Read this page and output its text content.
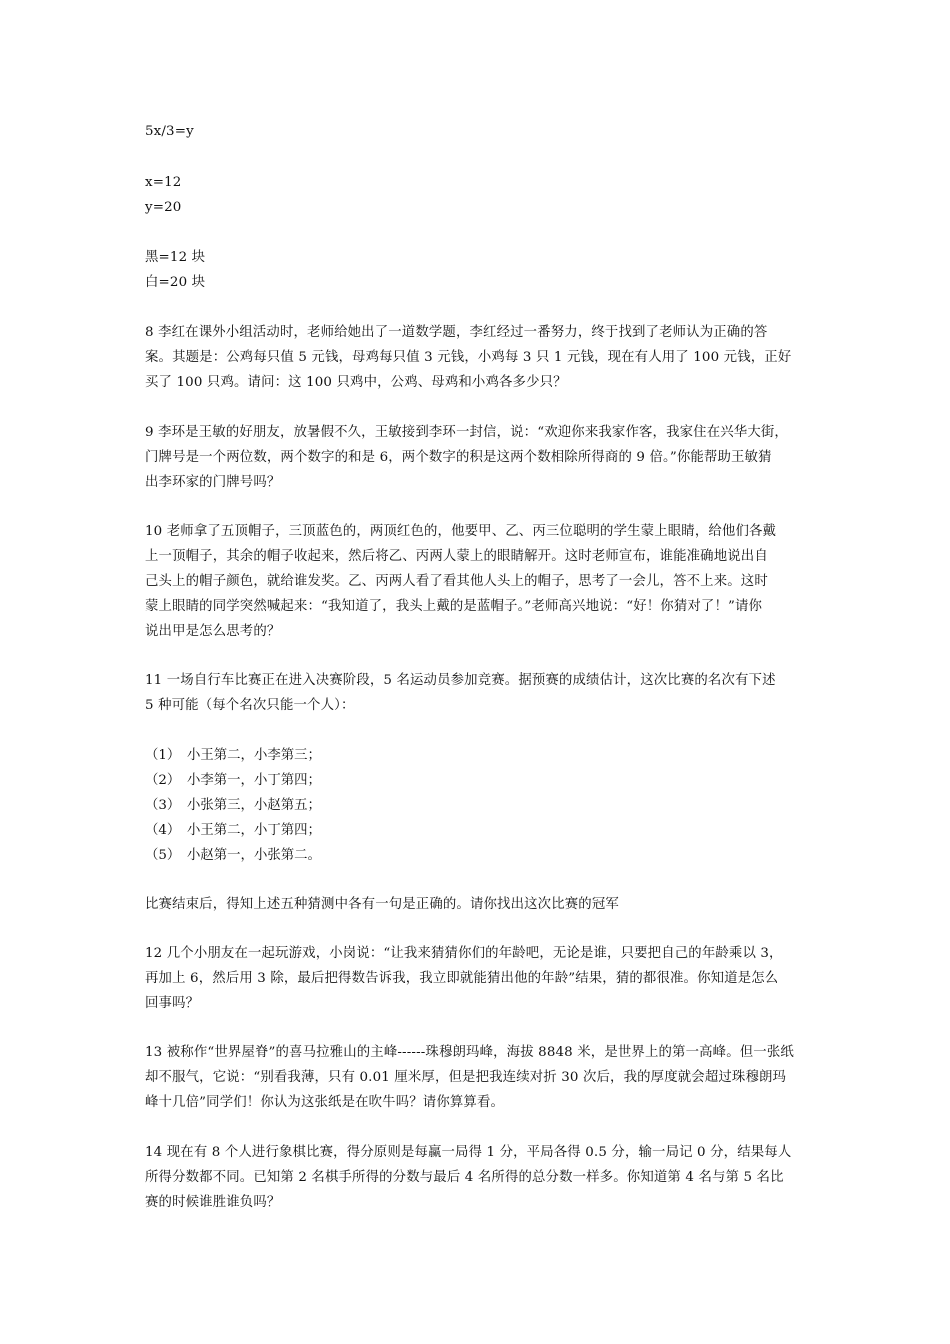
5x/3=y
x=12
y=20
黑=12 块
白=20 块
8 李红在课外小组活动时，老师给她出了一道数学题，李红经过一番努力，终于找到了老师认为正确的答
案。其题是：公鸡每只值 5 元钱，母鸡每只值 3 元钱，小鸡每 3 只 1 元钱，现在有人用了 100 元钱，正好
买了 100 只鸡。请问：这 100 只鸡中，公鸡、母鸡和小鸡各多少只？
9 李环是王敏的好朋友，放暑假不久，王敏接到李环一封信，说：“欢迎你来我家作客，我家住在兴华大街，
门牌号是一个两位数，两个数字的和是 6，两个数字的积是这两个数相除所得商的 9 倍。”你能帮助王敏猜
出李环家的门牌号吗？
10 老师拿了五顶帽子，三顶蓝色的，两顶红色的，他要甲、乙、丙三位聪明的学生蒙上眼睛，给他们各戴
上一顶帽子，其余的帽子收起来，然后将乙、丙两人蒙上的眼睛解开。这时老师宣布，谁能准确地说出自
己头上的帽子颜色，就给谁发奖。乙、丙两人看了看其他人头上的帽子，思考了一会儿，答不上来。这时
蒙上眼睛的同学突然喊起来：“我知道了，我头上戴的是蓝帽子。”老师高兴地说：“好！你猜对了！”请你
说出甲是怎么思考的？
11 一场自行车比赛正在进入决赛阶段，5 名运动员参加竞赛。据预赛的成绩估计，这次比赛的名次有下述
5 种可能（每个名次只能一个人）：
（1） 小王第二，小李第三；
（2） 小李第一，小丁第四；
（3） 小张第三，小赵第五；
（4） 小王第二，小丁第四；
（5） 小赵第一，小张第二。
比赛结束后，得知上述五种猜测中各有一句是正确的。请你找出这次比赛的冠军
12 几个小朋友在一起玩游戏，小岗说：“让我来猜猜你们的年龄吧，无论是谁，只要把自己的年龄乘以 3，
再加上 6，然后用 3 除，最后把得数告诉我，我立即就能猜出他的年龄”结果，猜的都很准。你知道是怎么
回事吗？
13 被称作“世界屋脊”的喜马拉雅山的主峰------珠穆朗玛峰，海拔 8848 米，是世界上的第一高峰。但一张纸
却不服气，它说：“别看我薄，只有 0.01 厘米厚，但是把我连续对折 30 次后，我的厚度就会超过珠穆朗玛
峰十几倍”同学们！你认为这张纸是在吹牛吗？请你算算看。
14 现在有 8 个人进行象棋比赛，得分原则是每赢一局得 1 分，平局各得 0.5 分，输一局记 0 分，结果每人
所得分数都不同。已知第 2 名棋手所得的分数与最后 4 名所得的总分数一样多。你知道第 4 名与第 5 名比
赛的时候谁胜谁负吗？
